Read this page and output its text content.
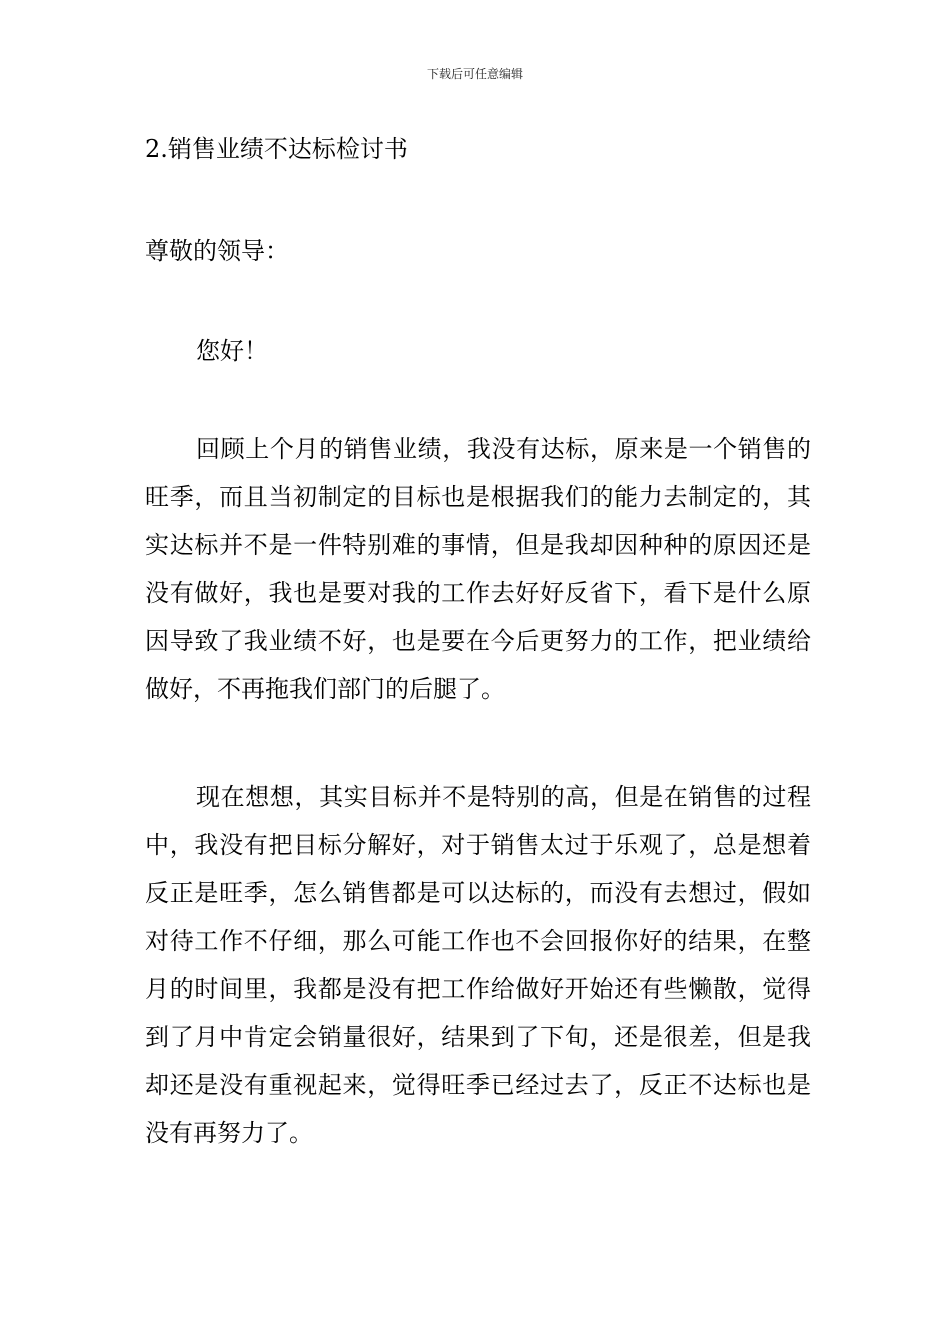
下载后可任意编辑
2.销售业绩不达标检讨书
尊敬的领导：
您好！

回顾上个月的销售业绩，我没有达标，原来是一个销售的旺季，而且当初制定的目标也是根据我们的能力去制定的，其实达标并不是一件特别难的事情，但是我却因种种的原因还是没有做好，我也是要对我的工作去好好反省下，看下是什么原因导致了我业绩不好，也是要在今后更努力的工作，把业绩给做好，不再拖我们部门的后腿了。

现在想想，其实目标并不是特别的高，但是在销售的过程中，我没有把目标分解好，对于销售太过于乐观了，总是想着反正是旺季，怎么销售都是可以达标的，而没有去想过，假如对待工作不仔细，那么可能工作也不会回报你好的结果，在整月的时间里，我都是没有把工作给做好开始还有些懒散，觉得到了月中肯定会销量很好，结果到了下旬，还是很差，但是我却还是没有重视起来，觉得旺季已经过去了，反正不达标也是没有再努力了。
